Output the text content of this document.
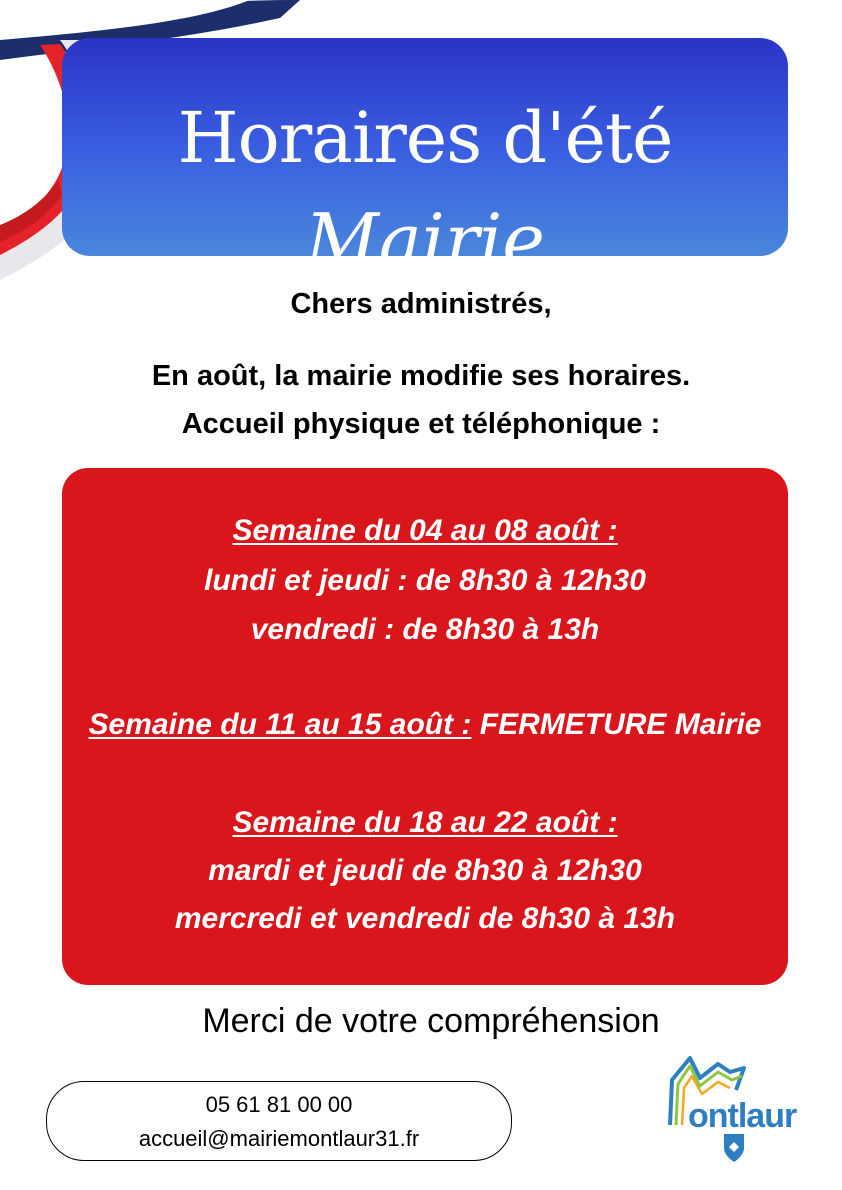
Horaires d'été
Mairie
Chers administrés,
En août, la mairie modifie ses horaires.
Accueil physique et téléphonique :
Semaine du 04 au 08 août :
lundi et jeudi : de 8h30 à 12h30
vendredi : de 8h30 à 13h
Semaine du 11 au 15 août : FERMETURE Mairie
Semaine du 18 au 22 août :
mardi et jeudi de 8h30 à 12h30
mercredi et vendredi de 8h30 à 13h
Merci de votre compréhension
05 61 81 00 00
accueil@mairiemontlaur31.fr
ontlaur
